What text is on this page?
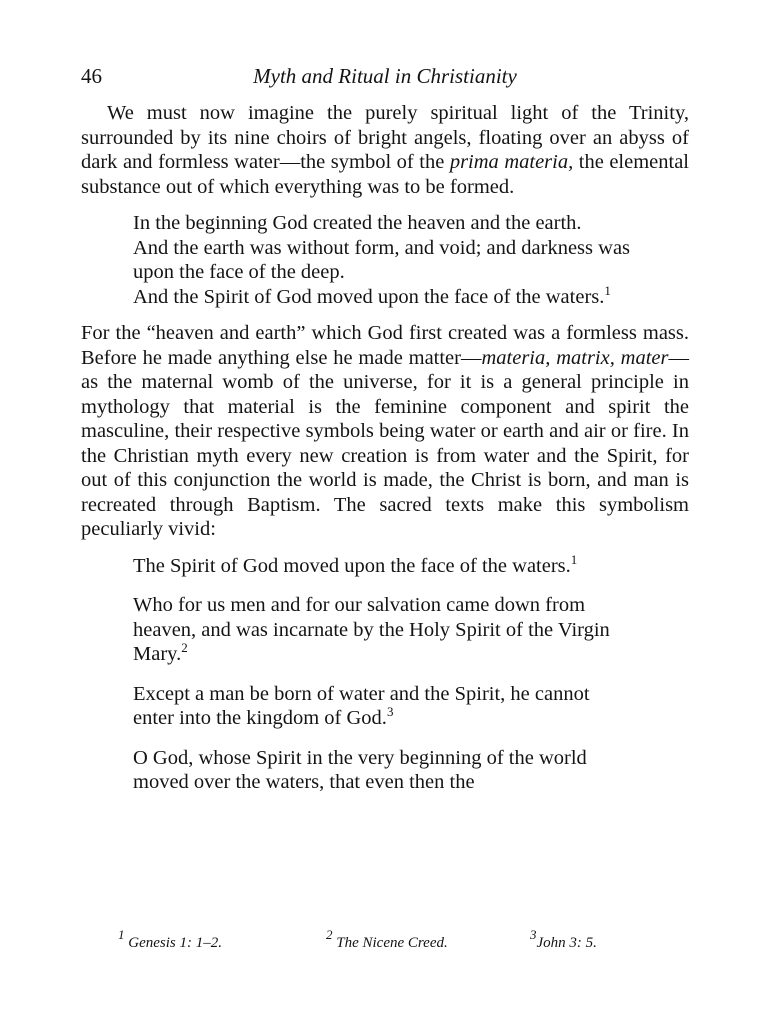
46	Myth and Ritual in Christianity

We must now imagine the purely spiritual light of the Trinity, surrounded by its nine choirs of bright angels, floating over an abyss of dark and formless water—the symbol of the prima materia, the elemental substance out of which everything was to be formed.

In the beginning God created the heaven and the earth.
And the earth was without form, and void; and darkness was upon the face of the deep.
And the Spirit of God moved upon the face of the waters.$^1$

For the “heaven and earth” which God first created was a formless mass. Before he made anything else he made matter—materia, matrix, mater—as the maternal womb of the universe, for it is a general principle in mythology that material is the feminine component and spirit the masculine, their respective symbols being water or earth and air or fire. In the Christian myth every new creation is from water and the Spirit, for out of this conjunction the world is made, the Christ is born, and man is recreated through Baptism. The sacred texts make this symbolism peculiarly vivid:

The Spirit of God moved upon the face of the waters.$^1$

Who for us men and for our salvation came down from heaven, and was incarnate by the Holy Spirit of the Virgin Mary.$^2$

Except a man be born of water and the Spirit, he cannot enter into the kingdom of God.$^3$

O God, whose Spirit in the very beginning of the world moved over the waters, that even then the

$^1$ Genesis 1: 1–2.
$^2$ The Nicene Creed.
$^3$John 3: 5.
